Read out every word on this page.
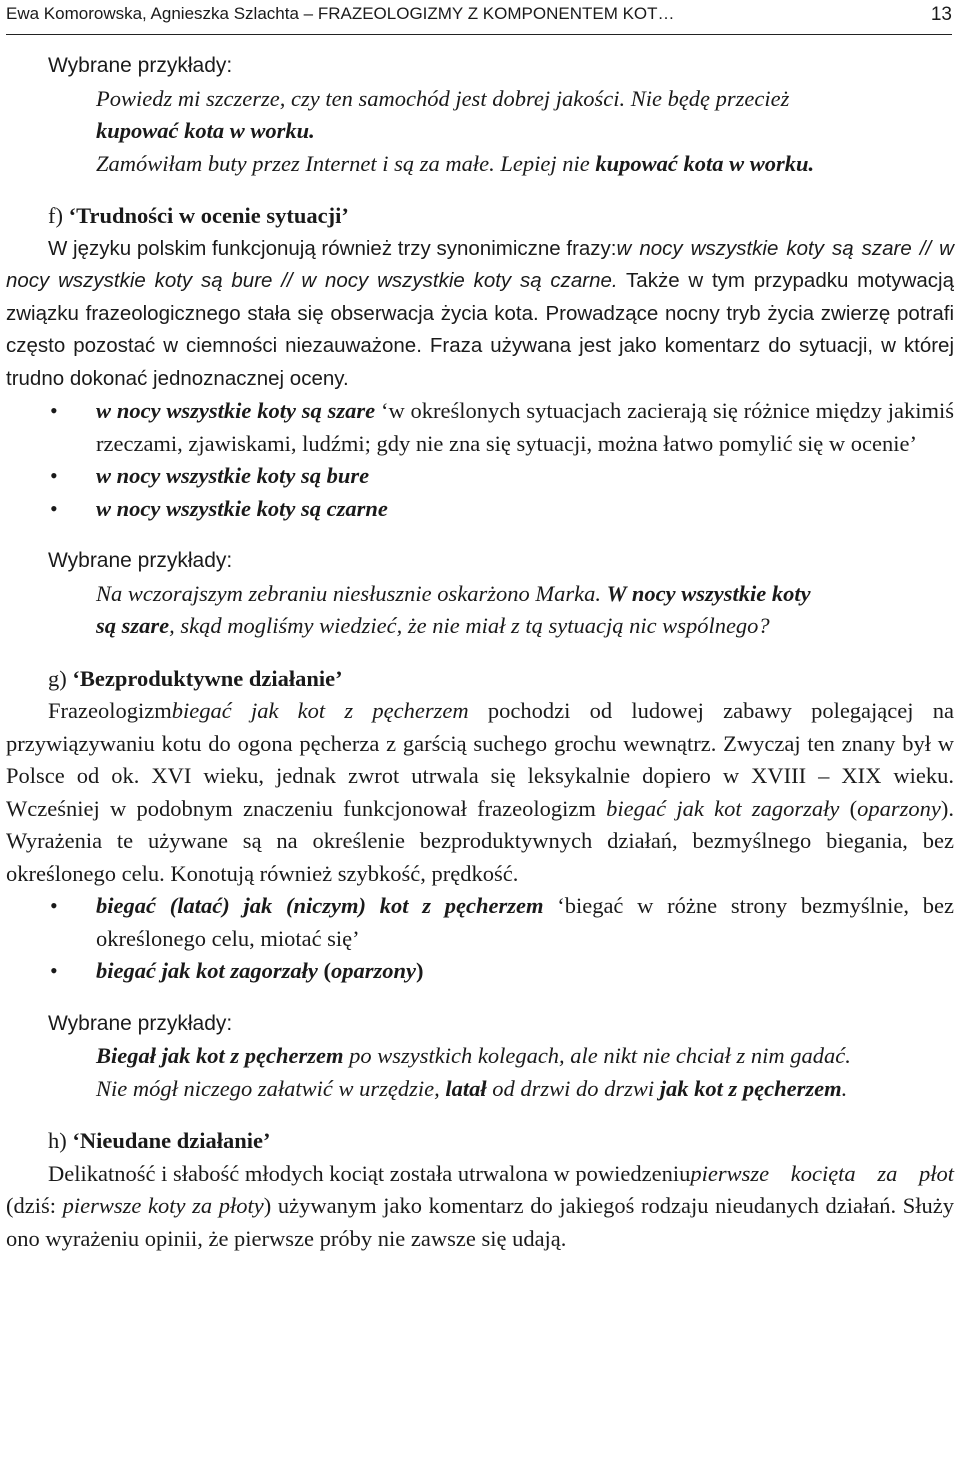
Ewa Komorowska, Agnieszka Szlachta – FRAZEOLOGIZMY Z KOMPONENTEM KOT…	13
Wybrane przykłady:
Powiedz mi szczerze, czy ten samochód jest dobrej jakości. Nie będę przecież
kupować kota w worku.
Zamówiłam buty przez Internet i są za małe. Lepiej nie kupować kota w worku.
f) ‘Trudności w ocenie sytuacji’
W języku polskim funkcjonują również trzy synonimiczne frazy:w nocy wszystkie koty są szare // w nocy wszystkie koty są bure // w nocy wszystkie koty są czarne. Także w tym przypadku motywacją związku frazeologicznego stała się obserwacja życia kota. Prowadzące nocny tryb życia zwierzę potrafi często pozostać w ciemności niezauważone. Fraza używana jest jako komentarz do sytuacji, w której trudno dokonać jednoznacznej oceny.
• w nocy wszystkie koty są szare ‘w określonych sytuacjach zacierają się różnice między jakimiś rzeczami, zjawiskami, ludźmi; gdy nie zna się sytuacji, można łatwo pomylić się w ocenie’
• w nocy wszystkie koty są bure
• w nocy wszystkie koty są czarne
Wybrane przykłady:
Na wczorajszym zebraniu niesłusznie oskarżono Marka. W nocy wszystkie koty
są szare, skąd mogliśmy wiedzieć, że nie miał z tą sytuacją nic wspólnego?
g) ‘Bezproduktywne działanie’
Frazeologizmbiegać jak kot z pęcherzem pochodzi od ludowej zabawy polegającej na przywiązywaniu kotu do ogona pęcherza z garścią suchego grochu wewnątrz. Zwyczaj ten znany był w Polsce od ok. XVI wieku, jednak zwrot utrwala się leksykalnie dopiero w XVIII – XIX wieku. Wcześniej w podobnym znaczeniu funkcjonował frazeologizm biegać jak kot zagorzały (oparzony). Wyrażenia te używane są na określenie bezproduktywnych działań, bezmyślnego biegania, bez określonego celu. Konotują również szybkość, prędkość.
• biegać (latać) jak (niczym) kot z pęcherzem ‘biegać w różne strony bezmyślnie, bez określonego celu, miotać się’
• biegać jak kot zagorzały (oparzony)
Wybrane przykłady:
Biegał jak kot z pęcherzem po wszystkich kolegach, ale nikt nie chciał z nim gadać.
Nie mógł niczego załatwić w urzędzie, latał od drzwi do drzwi jak kot z pęcherzem.
h) ‘Nieudane działanie’
Delikatność i słabość młodych kociąt została utrwalona w powiedzeniupierwsze kocięta za płot (dziś: pierwsze koty za płoty) używanym jako komentarz do jakiegoś rodzaju nieudanych działań. Służy ono wyrażeniu opinii, że pierwsze próby nie zawsze się udają.
